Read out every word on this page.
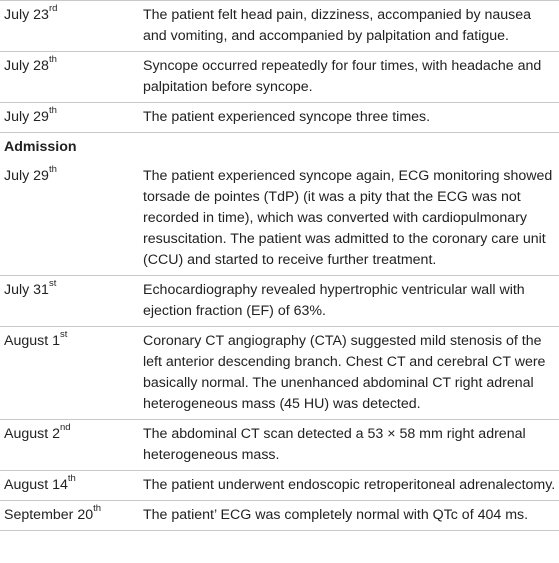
July 23rd	The patient felt head pain, dizziness, accompanied by nausea and vomiting, and accompanied by palpitation and fatigue.
July 28th	Syncope occurred repeatedly for four times, with headache and palpitation before syncope.
July 29th	The patient experienced syncope three times.
Admission	
July 29th	The patient experienced syncope again, ECG monitoring showed torsade de pointes (TdP) (it was a pity that the ECG was not recorded in time), which was converted with cardiopulmonary resuscitation. The patient was admitted to the coronary care unit (CCU) and started to receive further treatment.
July 31st	Echocardiography revealed hypertrophic ventricular wall with ejection fraction (EF) of 63%.
August 1st	Coronary CT angiography (CTA) suggested mild stenosis of the left anterior descending branch. Chest CT and cerebral CT were basically normal. The unenhanced abdominal CT right adrenal heterogeneous mass (45 HU) was detected.
August 2nd	The abdominal CT scan detected a 53 × 58 mm right adrenal heterogeneous mass.
August 14th	The patient underwent endoscopic retroperitoneal adrenalectomy.
September 20th	The patient’ ECG was completely normal with QTc of 404 ms.
